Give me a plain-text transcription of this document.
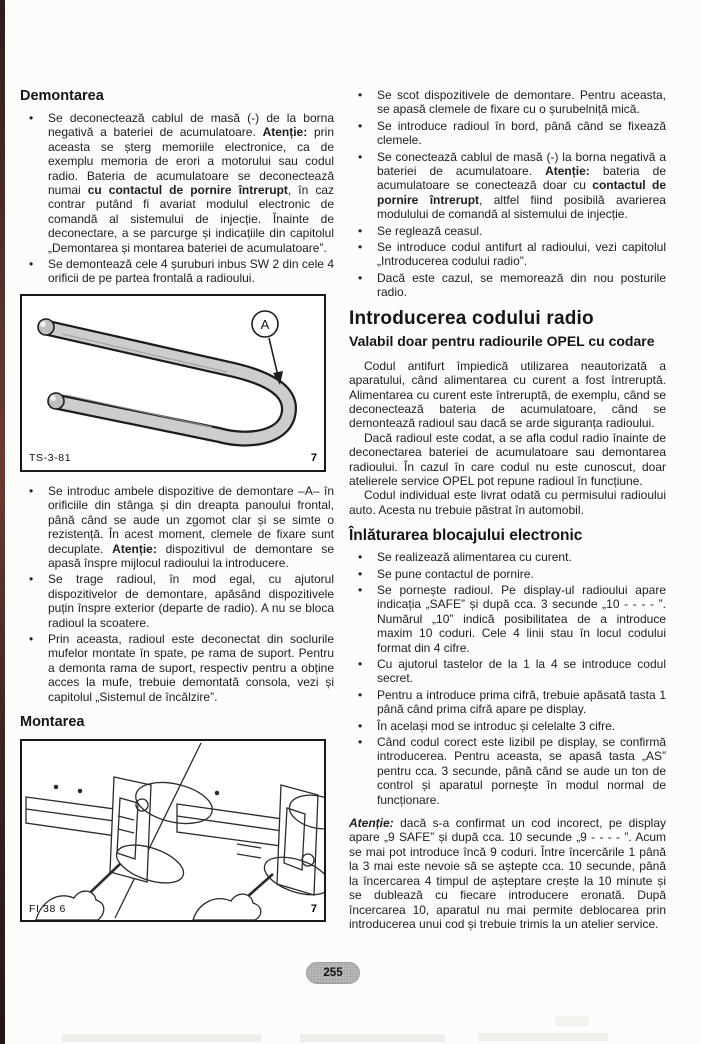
Demontarea
•	Se deconectează cablul de masă (-) de la borna negativă a bateriei de acumulatoare. Atenție: prin aceasta se șterg memoriile electronice, ca de exemplu memoria de erori a motorului sau codul radio. Bateria de acumulatoare se deconectează numai cu contactul de pornire întrerupt, în caz contrar putând fi avariat modulul electronic de comandă al sistemului de injecție. Înainte de deconectare, a se parcurge și indicațiile din capitolul „Demontarea și montarea bateriei de acumulatoare”.
•	Se demontează cele 4 șuruburi inbus SW 2 din cele 4 orificii de pe partea frontală a radioului.
A
TS-3-81	7
•	Se introduc ambele dispozitive de demontare –A– în orificiile din stânga și din dreapta panoului frontal, până când se aude un zgomot clar și se simte o rezistență. În acest moment, clemele de fixare sunt decuplate. Atenție: dispozitivul de demontare se apasă înspre mijlocul radioului la introducere.
•	Se trage radioul, în mod egal, cu ajutorul dispozitivelor de demontare, apăsând dispozitivele puțin înspre exterior (departe de radio). A nu se bloca radioul la scoatere.
•	Prin aceasta, radioul este deconectat din soclurile mufelor montate în spate, pe rama de suport. Pentru a demonta rama de suport, respectiv pentru a obține acces la mufe, trebuie demontată consola, vezi și capitolul „Sistemul de încălzire”.
Montarea
FI 38 6	7
•	Se scot dispozitivele de demontare. Pentru aceasta, se apasă clemele de fixare cu o șurubelniță mică.
•	Se introduce radioul în bord, până când se fixează clemele.
•	Se conectează cablul de masă (-) la borna negativă a bateriei de acumulatoare. Atenție: bateria de acumulatoare se conectează doar cu contactul de pornire întrerupt, altfel fiind posibilă avarierea modulului de comandă al sistemului de injecție.
•	Se reglează ceasul.
•	Se introduce codul antifurt al radioului, vezi capitolul „Introducerea codului radio”.
•	Dacă este cazul, se memorează din nou posturile radio.
Introducerea codului radio
Valabil doar pentru radiourile OPEL cu codare

Codul antifurt împiedică utilizarea neautorizată a aparatului, când alimentarea cu curent a fost întreruptă. Alimentarea cu curent este întreruptă, de exemplu, când se deconectează bateria de acumulatoare, când se demontează radioul sau dacă se arde siguranța radioului.

Dacă radioul este codat, a se afla codul radio înainte de deconectarea bateriei de acumulatoare sau demontarea radioului. În cazul în care codul nu este cunoscut, doar atelierele service OPEL pot repune radioul în funcțiune.

Codul individual este livrat odată cu permisului radioului auto. Acesta nu trebuie păstrat în automobil.

Înlăturarea blocajului electronic
•	Se realizează alimentarea cu curent.
•	Se pune contactul de pornire.
•	Se pornește radioul. Pe display-ul radioului apare indicația „SAFE” și după cca. 3 secunde „10 - - - - ”. Numărul „10” indică posibilitatea de a introduce maxim 10 coduri. Cele 4 linii stau în locul codului format din 4 cifre.
•	Cu ajutorul tastelor de la 1 la 4 se introduce codul secret.
•	Pentru a introduce prima cifră, trebuie apăsată tasta 1 până când prima cifră apare pe display.
•	În același mod se introduc și celelalte 3 cifre.
•	Când codul corect este lizibil pe display, se confirmă introducerea. Pentru aceasta, se apasă tasta „AS” pentru cca. 3 secunde, până când se aude un ton de control și aparatul pornește în modul normal de funcționare.

Atenție: dacă s-a confirmat un cod incorect, pe display apare „9 SAFE” și după cca. 10 secunde „9 - - - - ”. Acum se mai pot introduce încă 9 coduri. Între încercările 1 până la 3 mai este nevoie să se aștepte cca. 10 secunde, până la încercarea 4 timpul de așteptare crește la 10 minute și se dublează cu fiecare introducere eronată. După încercarea 10, aparatul nu mai permite deblocarea prin introducerea unui cod și trebuie trimis la un atelier service.

255
